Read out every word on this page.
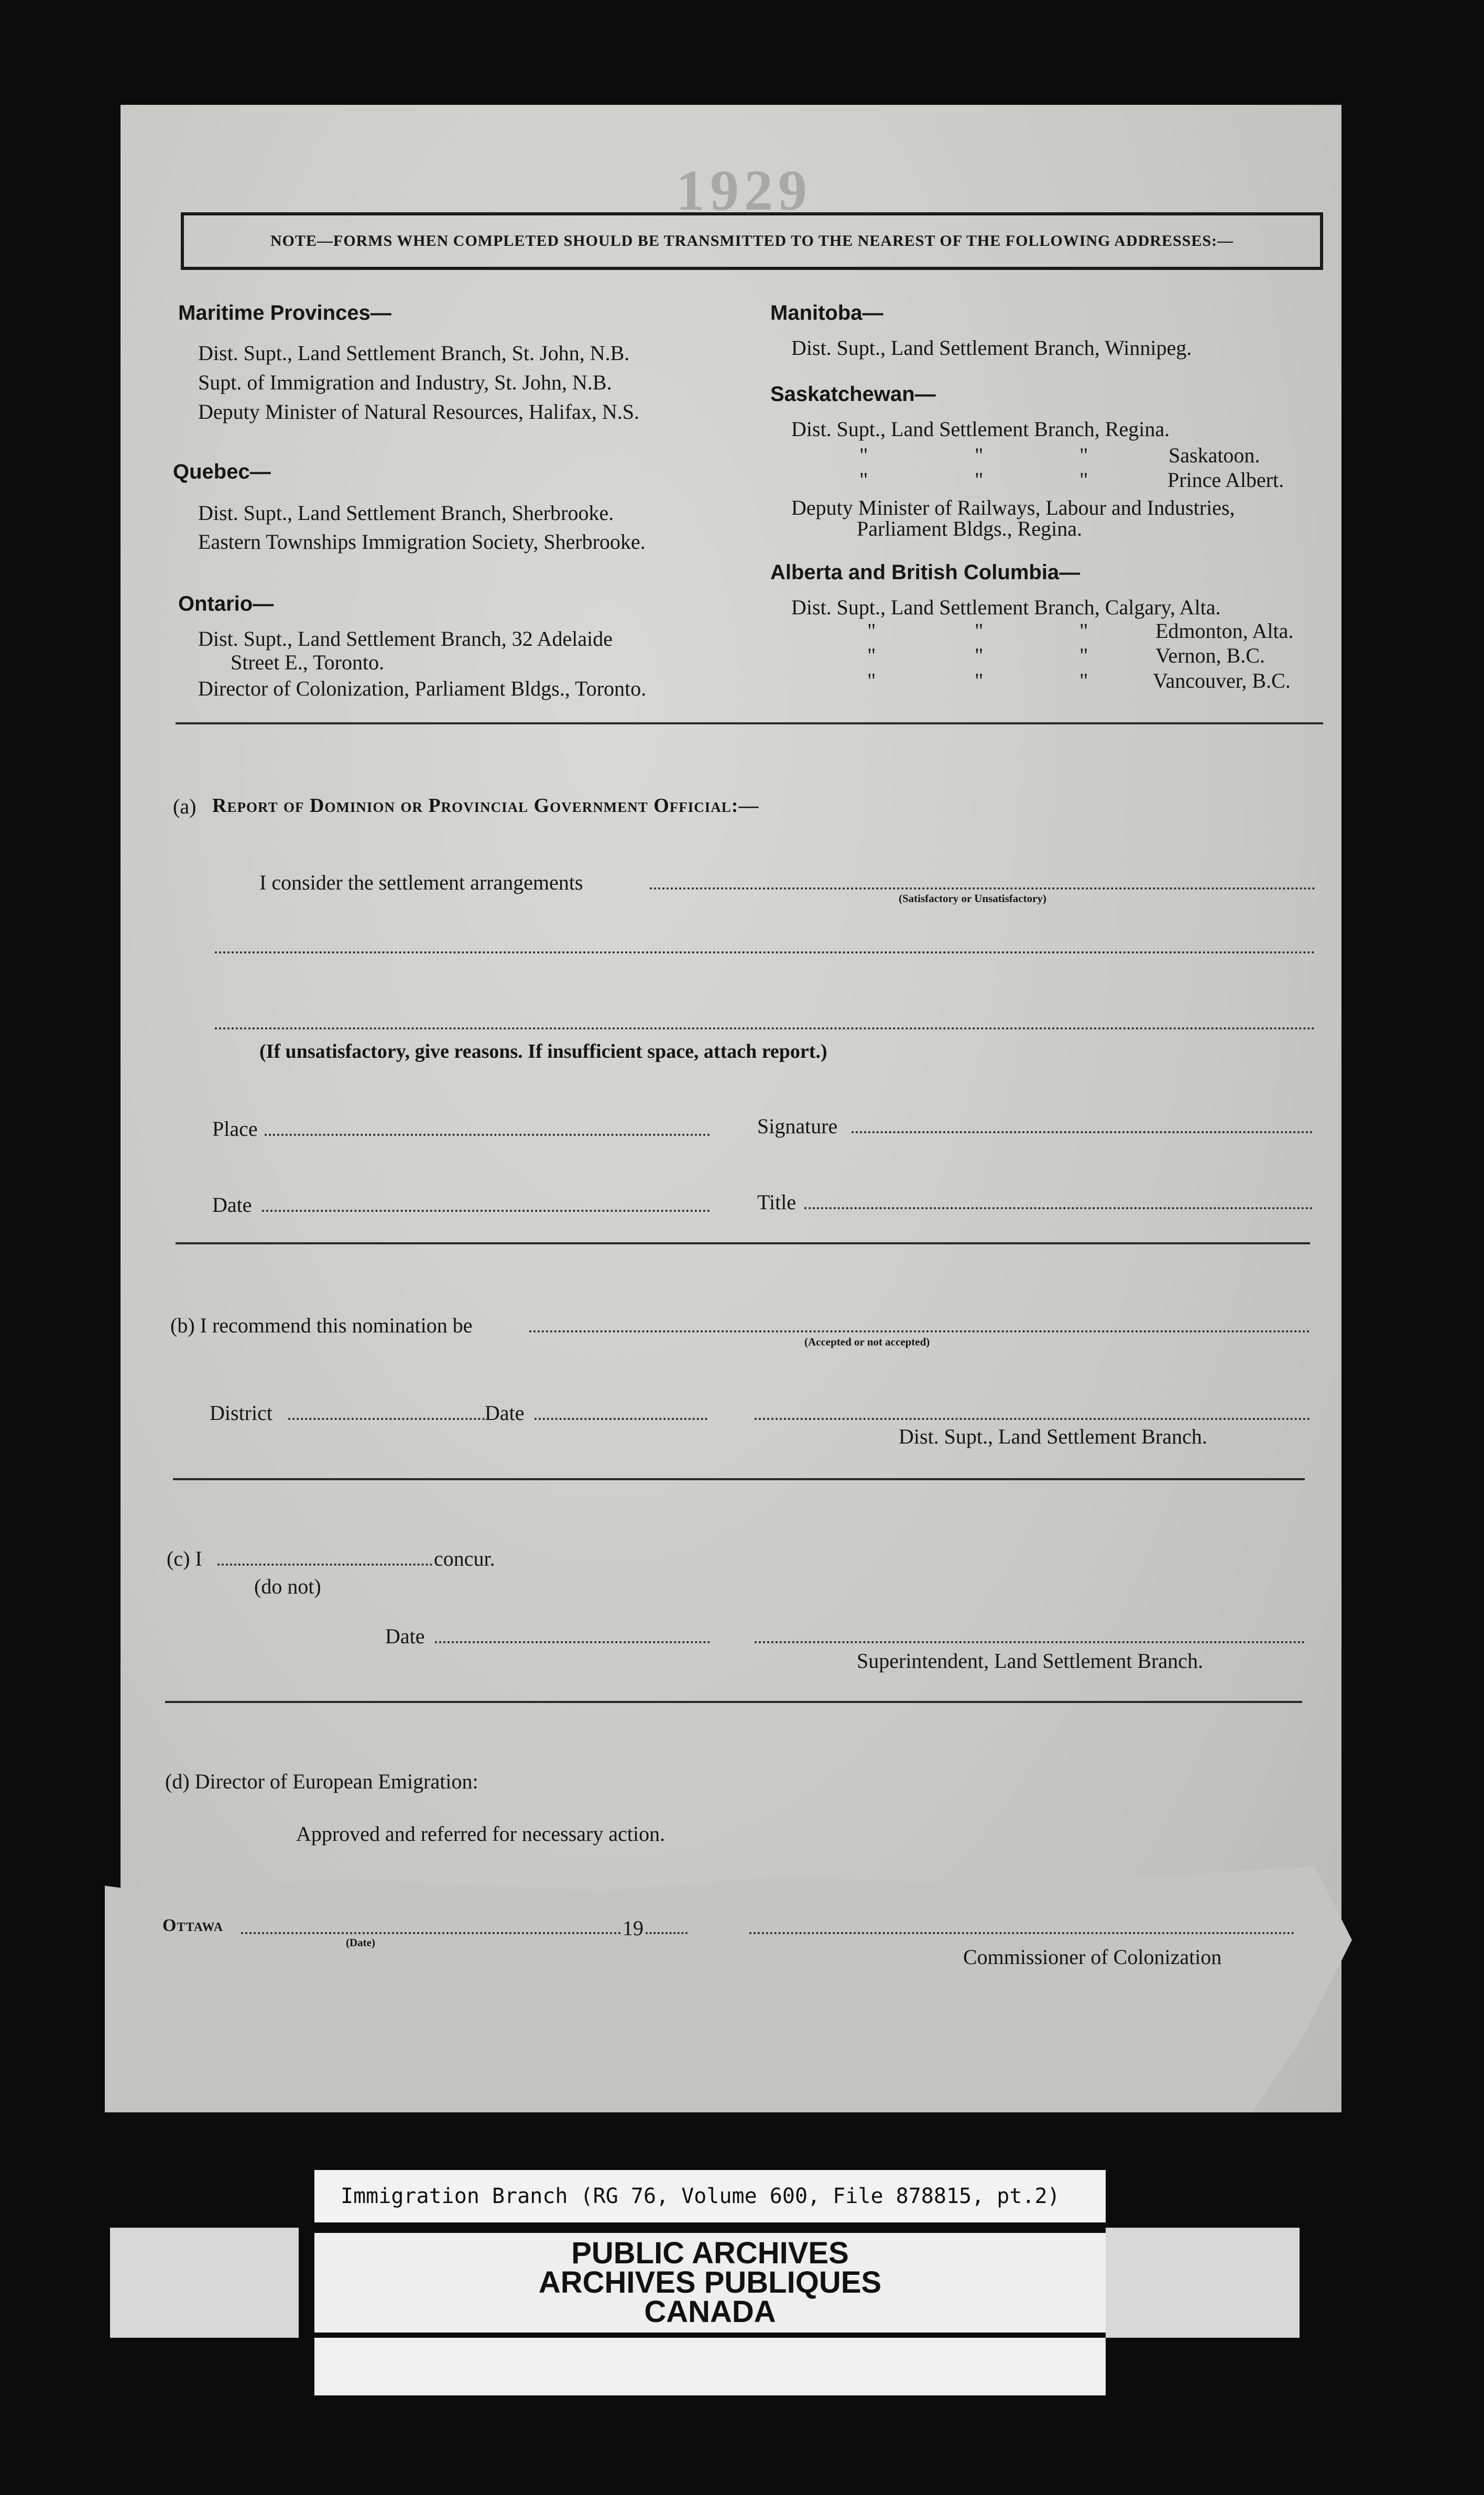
1929
NOTE—FORMS WHEN COMPLETED SHOULD BE TRANSMITTED TO THE NEAREST OF THE FOLLOWING ADDRESSES:—
Maritime Provinces—
Dist. Supt., Land Settlement Branch, St. John, N.B.
Supt. of Immigration and Industry, St. John, N.B.
Deputy Minister of Natural Resources, Halifax, N.S.
Quebec—
Dist. Supt., Land Settlement Branch, Sherbrooke.
Eastern Townships Immigration Society, Sherbrooke.
Ontario—
Dist. Supt., Land Settlement Branch, 32 Adelaide
Street E., Toronto.
Director of Colonization, Parliament Bldgs., Toronto.
Manitoba—
Dist. Supt., Land Settlement Branch, Winnipeg.
Saskatchewan—
Dist. Supt., Land Settlement Branch, Regina.
"	"	"	Saskatoon.
"	"	"	Prince Albert.
Deputy Minister of Railways, Labour and Industries,
Parliament Bldgs., Regina.
Alberta and British Columbia—
Dist. Supt., Land Settlement Branch, Calgary, Alta.
"	"	"	Edmonton, Alta.
"	"	"	Vernon, B.C.
"	"	"	Vancouver, B.C.
(a) Report of Dominion or Provincial Government Official:—
I consider the settlement arrangements
(Satisfactory or Unsatisfactory)
(If unsatisfactory, give reasons. If insufficient space, attach report.)
Place	Signature
Date	Title
(b) I recommend this nomination be
(Accepted or not accepted)
District	Date
Dist. Supt., Land Settlement Branch.
(c) I	concur.
(do not)
Date
Superintendent, Land Settlement Branch.
(d) Director of European Emigration:
Approved and referred for necessary action.
Ottawa
(Date)
19
Commissioner of Colonization
Immigration Branch (RG 76, Volume 600, File 878815, pt.2)
PUBLIC ARCHIVES
ARCHIVES PUBLIQUES
CANADA
